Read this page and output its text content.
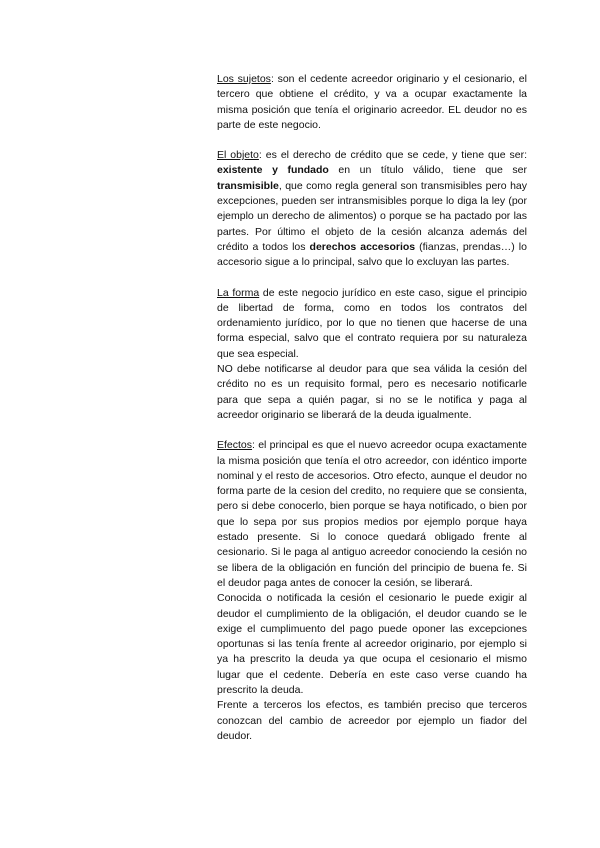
Los sujetos: son el cedente acreedor originario y el cesionario, el tercero que obtiene el crédito, y va a ocupar exactamente la misma posición que tenía el originario acreedor. EL deudor no es parte de este negocio.

El objeto: es el derecho de crédito que se cede, y tiene que ser: existente y fundado en un título válido, tiene que ser transmisible, que como regla general son transmisibles pero hay excepciones, pueden ser intransmisibles porque lo diga la ley (por ejemplo un derecho de alimentos) o porque se ha pactado por las partes. Por último el objeto de la cesión alcanza además del crédito a todos los derechos accesorios (fianzas, prendas…) lo accesorio sigue a lo principal, salvo que lo excluyan las partes.

La forma de este negocio jurídico en este caso, sigue el principio de libertad de forma, como en todos los contratos del ordenamiento jurídico, por lo que no tienen que hacerse de una forma especial, salvo que el contrato requiera por su naturaleza que sea especial.

NO debe notificarse al deudor para que sea válida la cesión del crédito no es un requisito formal, pero es necesario notificarle para que sepa a quién pagar, si no se le notifica y paga al acreedor originario se liberará de la deuda igualmente.

Efectos: el principal es que el nuevo acreedor ocupa exactamente la misma posición que tenía el otro acreedor, con idéntico importe nominal y el resto de accesorios. Otro efecto, aunque el deudor no forma parte de la cesion del credito, no requiere que se consienta, pero si debe conocerlo, bien porque se haya notificado, o bien por que lo sepa por sus propios medios por ejemplo porque haya estado presente. Si lo conoce quedará obligado frente al cesionario. Si le paga al antiguo acreedor conociendo la cesión no se libera de la obligación en función del principio de buena fe. Si el deudor paga antes de conocer la cesión, se liberará.

Conocida o notificada la cesión el cesionario le puede exigir al deudor el cumplimiento de la obligación, el deudor cuando se le exige el cumplimuento del pago puede oponer las excepciones oportunas si las tenía frente al acreedor originario, por ejemplo si ya ha prescrito la deuda ya que ocupa el cesionario el mismo lugar que el cedente. Debería en este caso verse cuando ha prescrito la deuda.

Frente a terceros los efectos, es también preciso que terceros conozcan del cambio de acreedor por ejemplo un fiador del deudor.
